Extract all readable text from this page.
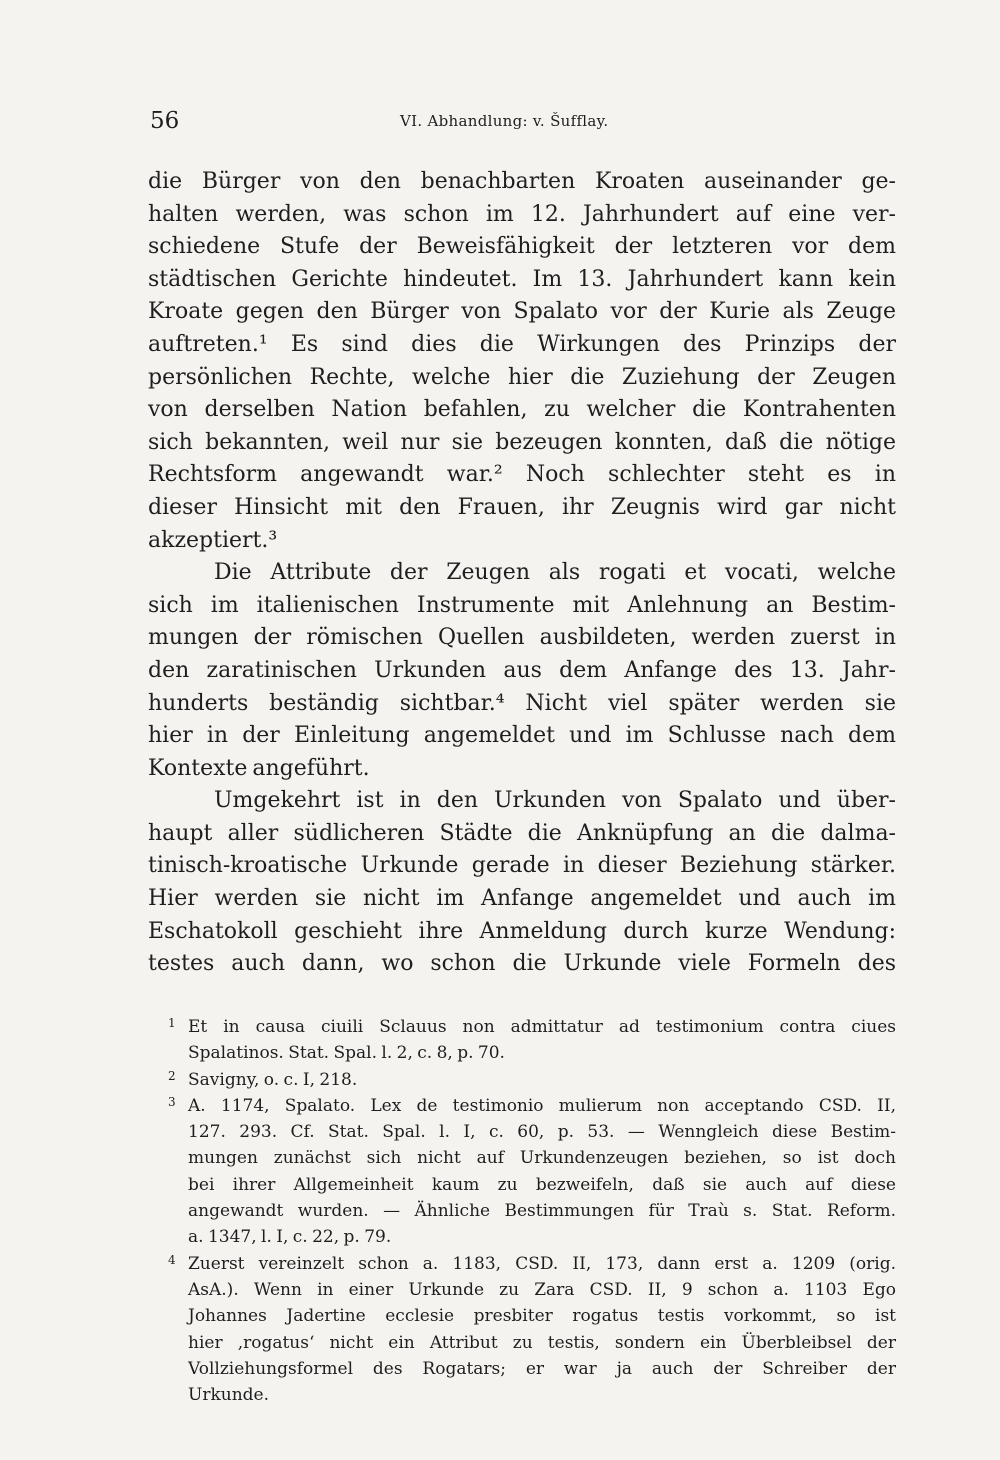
56	VI. Abhandlung: v. Šufflay.
die Bürger von den benachbarten Kroaten auseinander ge-
halten werden, was schon im 12. Jahrhundert auf eine ver-
schiedene Stufe der Beweisfähigkeit der letzteren vor dem
städtischen Gerichte hindeutet. Im 13. Jahrhundert kann kein
Kroate gegen den Bürger von Spalato vor der Kurie als Zeuge
auftreten.¹ Es sind dies die Wirkungen des Prinzips der
persönlichen Rechte, welche hier die Zuziehung der Zeugen
von derselben Nation befahlen, zu welcher die Kontrahenten
sich bekannten, weil nur sie bezeugen konnten, daß die nötige
Rechtsform angewandt war.² Noch schlechter steht es in
dieser Hinsicht mit den Frauen, ihr Zeugnis wird gar nicht
akzeptiert.³
Die Attribute der Zeugen als rogati et vocati, welche
sich im italienischen Instrumente mit Anlehnung an Bestim-
mungen der römischen Quellen ausbildeten, werden zuerst in
den zaratinischen Urkunden aus dem Anfange des 13. Jahr-
hunderts beständig sichtbar.⁴ Nicht viel später werden sie
hier in der Einleitung angemeldet und im Schlusse nach dem
Kontexte angeführt.
Umgekehrt ist in den Urkunden von Spalato und über-
haupt aller südlicheren Städte die Anknüpfung an die dalma-
tinisch-kroatische Urkunde gerade in dieser Beziehung stärker.
Hier werden sie nicht im Anfange angemeldet und auch im
Eschatokoll geschieht ihre Anmeldung durch kurze Wendung:
testes auch dann, wo schon die Urkunde viele Formeln des
1 Et in causa ciuili Sclauus non admittatur ad testimonium contra ciues
Spalatinos. Stat. Spal. l. 2, c. 8, p. 70.
2 Savigny, o. c. I, 218.
3 A. 1174, Spalato. Lex de testimonio mulierum non acceptando CSD. II,
127. 293. Cf. Stat. Spal. l. I, c. 60, p. 53. — Wenngleich diese Bestim-
mungen zunächst sich nicht auf Urkundenzeugen beziehen, so ist doch
bei ihrer Allgemeinheit kaum zu bezweifeln, daß sie auch auf diese
angewandt wurden. — Ähnliche Bestimmungen für Traù s. Stat. Reform.
a. 1347, l. I, c. 22, p. 79.
4 Zuerst vereinzelt schon a. 1183, CSD. II, 173, dann erst a. 1209 (orig.
AsA.). Wenn in einer Urkunde zu Zara CSD. II, 9 schon a. 1103 Ego
Johannes Jadertine ecclesie presbiter rogatus testis vorkommt, so ist
hier ‚rogatus‘ nicht ein Attribut zu testis, sondern ein Überbleibsel der
Vollziehungsformel des Rogatars; er war ja auch der Schreiber der
Urkunde.
